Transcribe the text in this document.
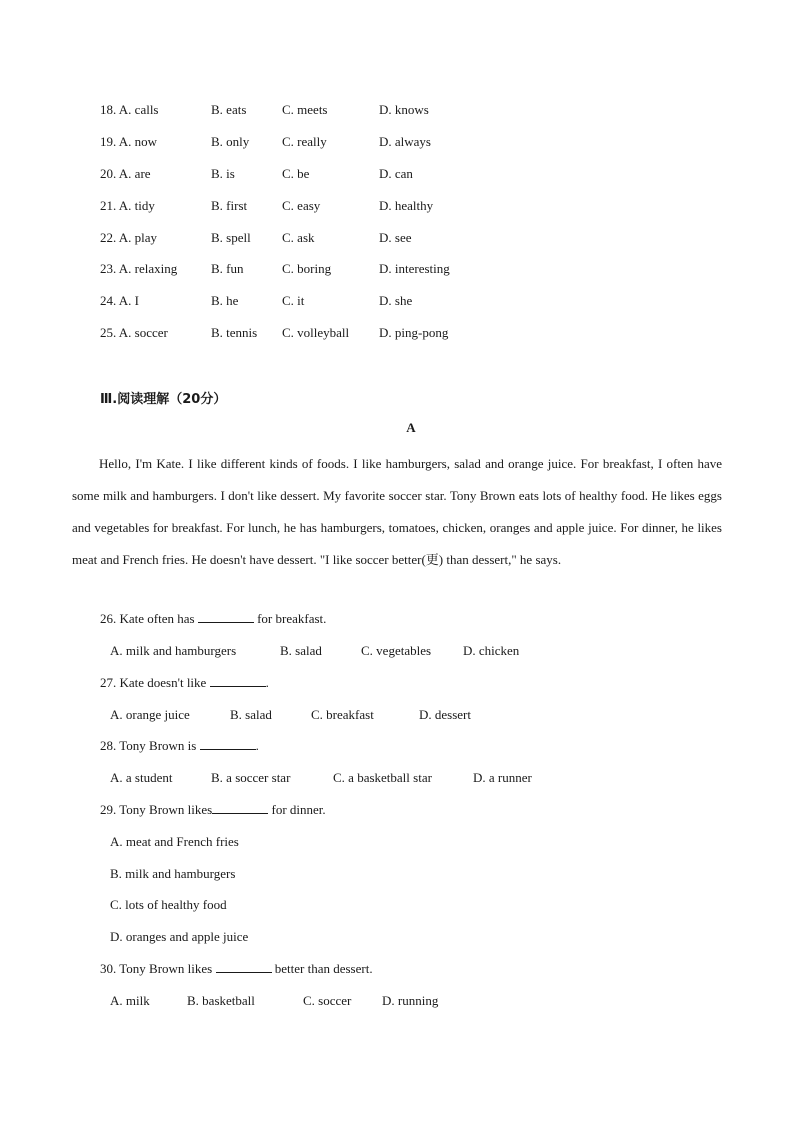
18. A. calls	B. eats	C. meets	D. knows
19. A. now	B. only	C. really	D. always
20. A. are	B. is	C. be	D. can
21. A. tidy	B. first	C. easy	D. healthy
22. A. play	B. spell C. ask	D. see
23. A. relaxing	B. fun	C. boring	D. interesting
24. A. I	B. he	C. it	D. she
25. A. soccer	B. tennis C. volleyball D. ping-pong
Ⅲ.阅读理解（20分）
A

Hello, I'm Kate. I like different kinds of foods. I like hamburgers, salad and orange juice. For breakfast, I often have some milk and hamburgers. I don't like dessert. My favorite soccer star. Tony Brown eats lots of healthy food. He likes eggs and vegetables for breakfast. For lunch, he has hamburgers, tomatoes, chicken, oranges and apple juice. For dinner, he likes meat and French fries. He doesn't have dessert. "I like soccer better(更) than dessert," he says.

26. Kate often has	for breakfast.
A. milk and hamburgers	B. salad	C. vegetables D. chicken
27. Kate doesn't like	.
A. orange juice	B. salad	C. breakfast	D. dessert
28. Tony Brown is	.
A. a student	B. a soccer star	C. a basketball star	D. a runner
29. Tony Brown likes	for dinner.
A. meat and French fries
B. milk and hamburgers
C. lots of healthy food
D. oranges and apple juice
30. Tony Brown likes	better than dessert.
A. milk	B. basketball	C. soccer D. running
